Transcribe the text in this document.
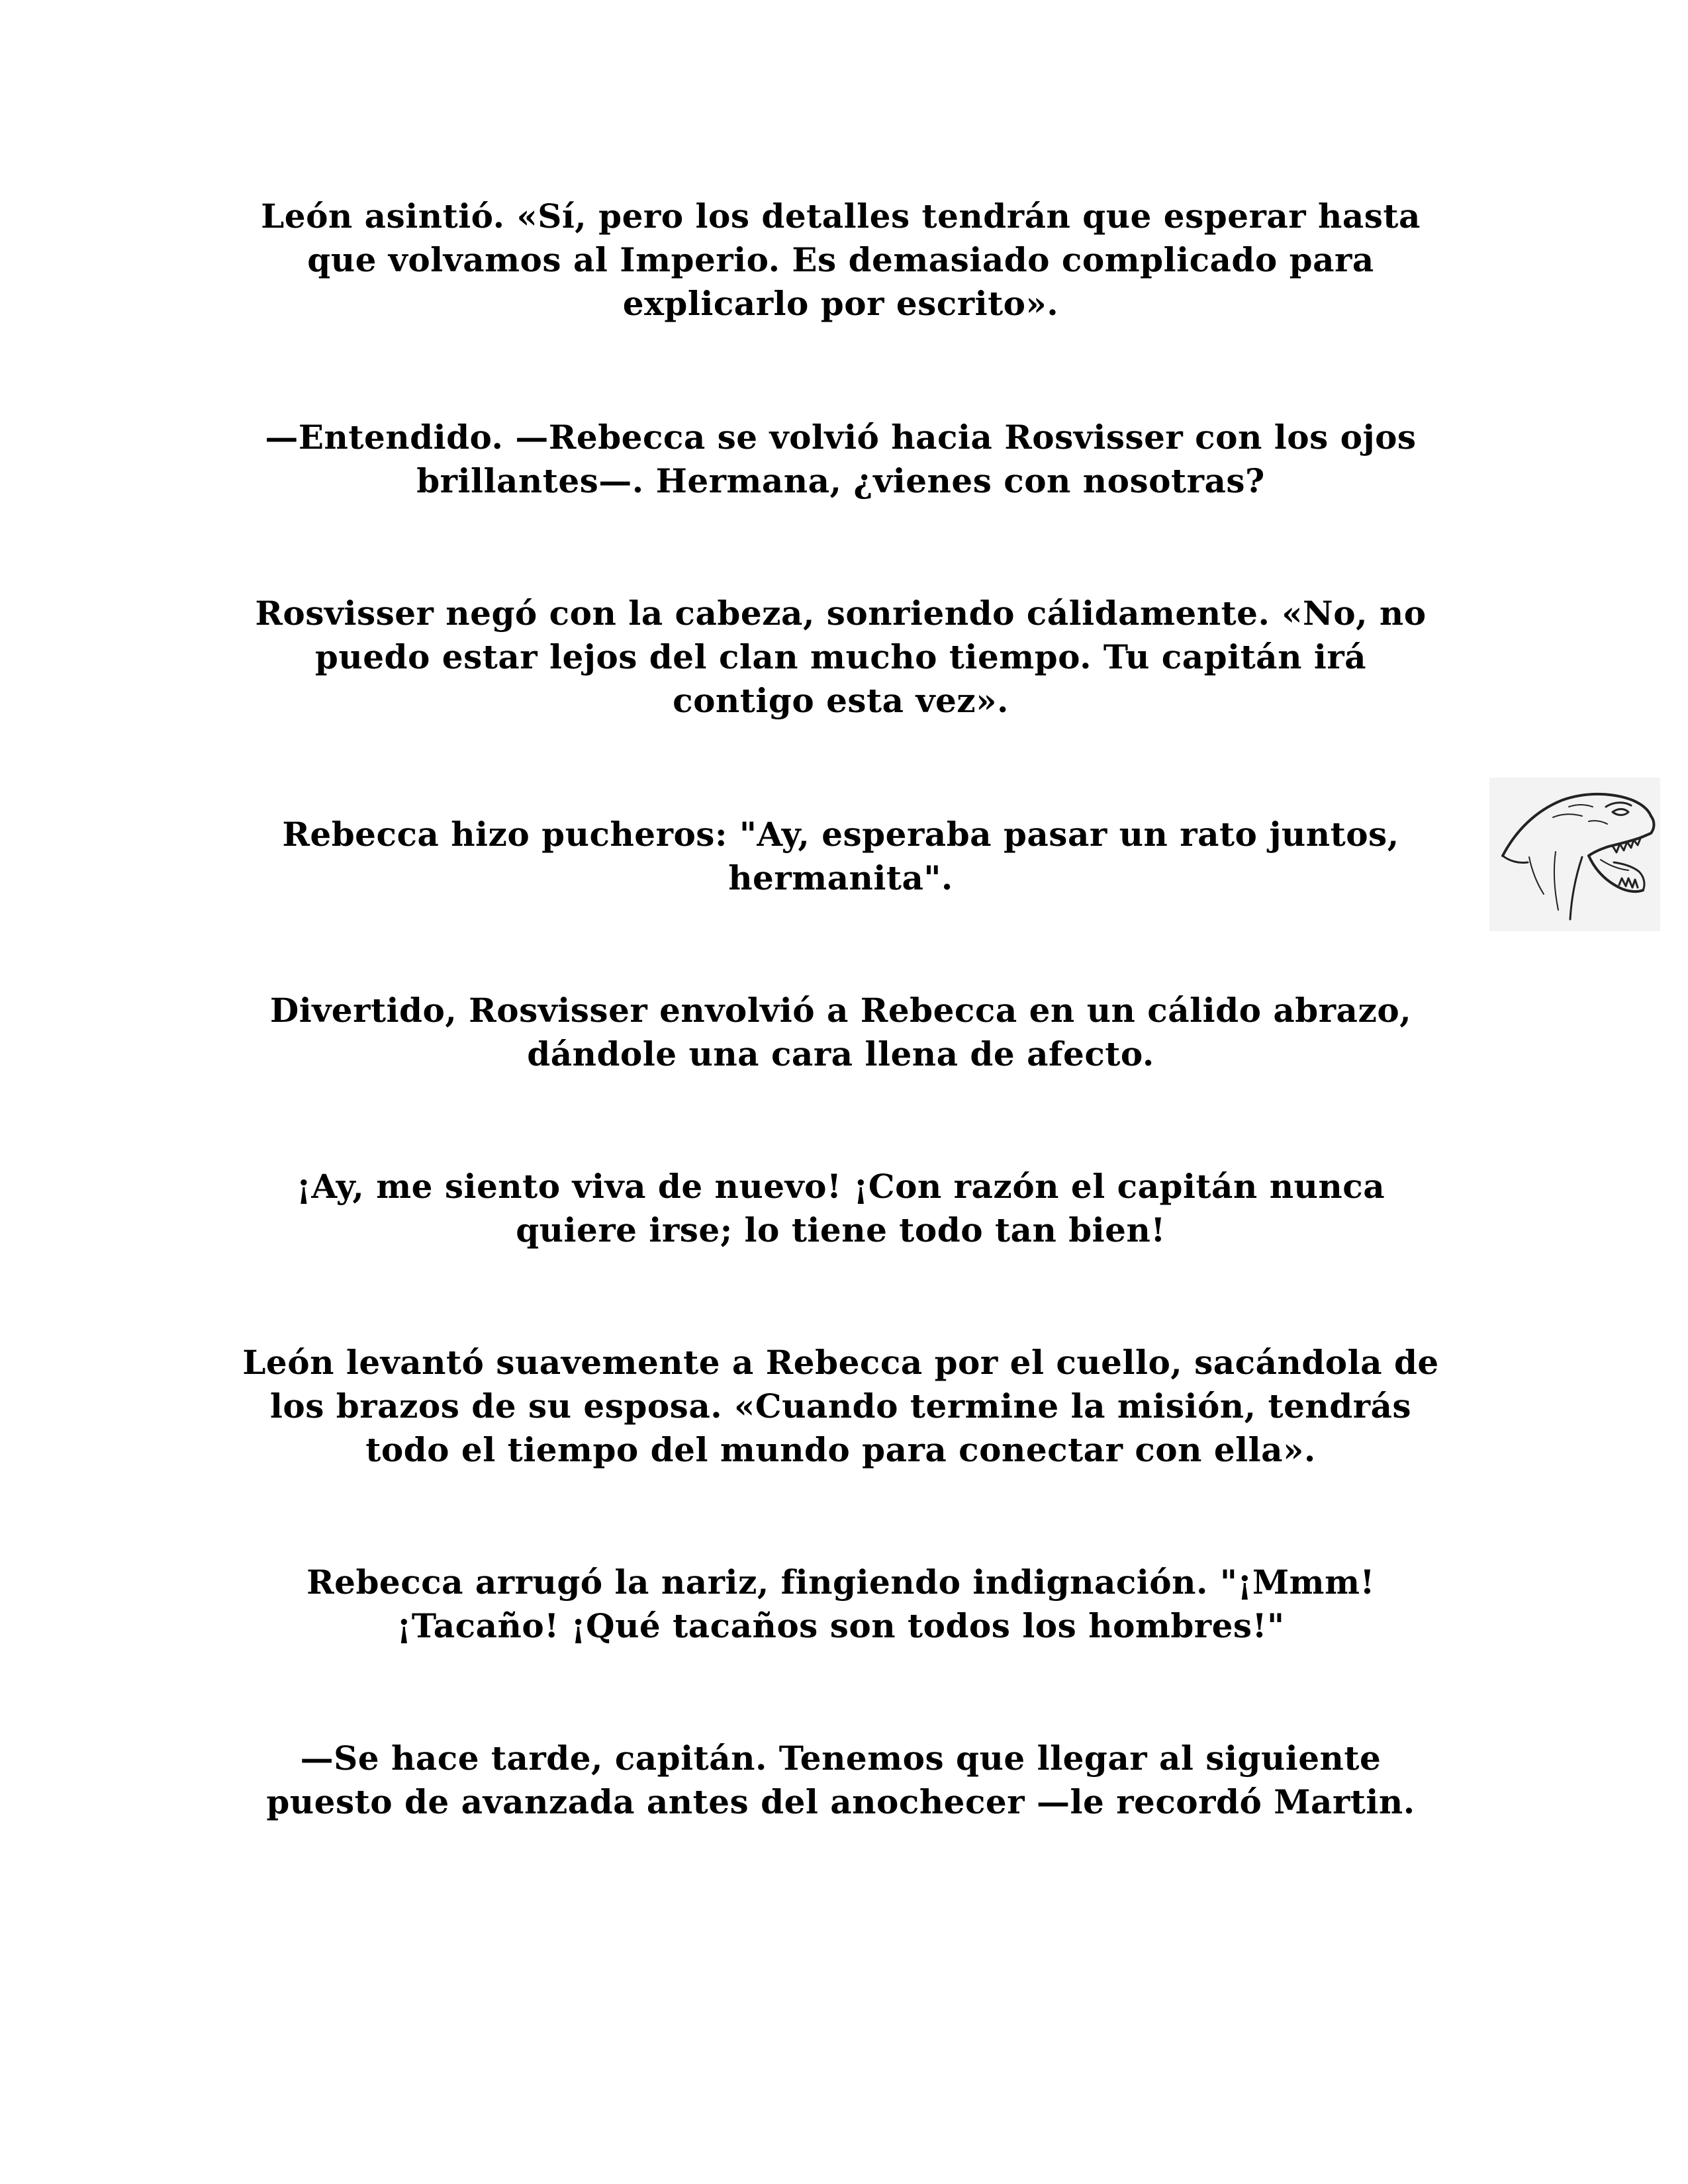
León asintió. «Sí, pero los detalles tendrán que esperar hasta
que volvamos al Imperio. Es demasiado complicado para
explicarlo por escrito».

—Entendido. —Rebecca se volvió hacia Rosvisser con los ojos
brillantes—. Hermana, ¿vienes con nosotras?

Rosvisser negó con la cabeza, sonriendo cálidamente. «No, no
puedo estar lejos del clan mucho tiempo. Tu capitán irá
contigo esta vez».

Rebecca hizo pucheros: "Ay, esperaba pasar un rato juntos,
hermanita".

Divertido, Rosvisser envolvió a Rebecca en un cálido abrazo,
dándole una cara llena de afecto.

¡Ay, me siento viva de nuevo! ¡Con razón el capitán nunca
quiere irse; lo tiene todo tan bien!

León levantó suavemente a Rebecca por el cuello, sacándola de
los brazos de su esposa. «Cuando termine la misión, tendrás
todo el tiempo del mundo para conectar con ella».

Rebecca arrugó la nariz, fingiendo indignación. "¡Mmm!
¡Tacaño! ¡Qué tacaños son todos los hombres!"

—Se hace tarde, capitán. Tenemos que llegar al siguiente
puesto de avanzada antes del anochecer —le recordó Martin.
